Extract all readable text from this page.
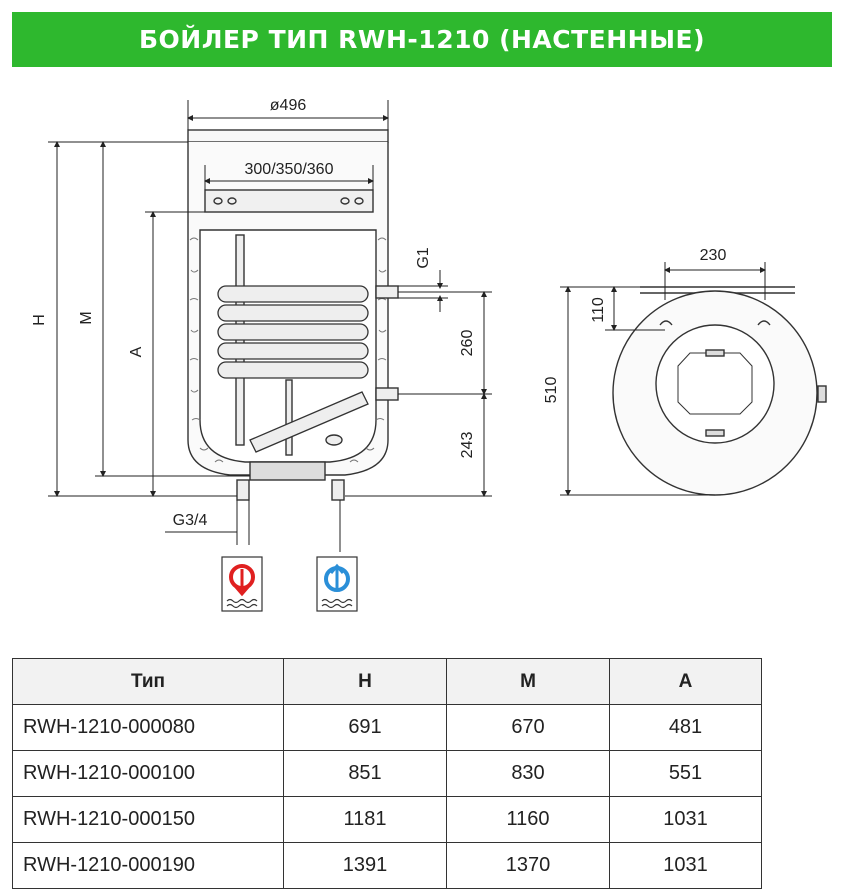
БОЙЛЕР ТИП RWH-1210 (НАСТЕННЫЕ)
ø496
300/350/360
H M
A
G1
260
243
G3/4
230
110
510
Тип	H	M	A
RWH-1210-000080	691	670	481
RWH-1210-000100	851	830	551
RWH-1210-000150	1181	1160	1031
RWH-1210-000190	1391	1370	1031
